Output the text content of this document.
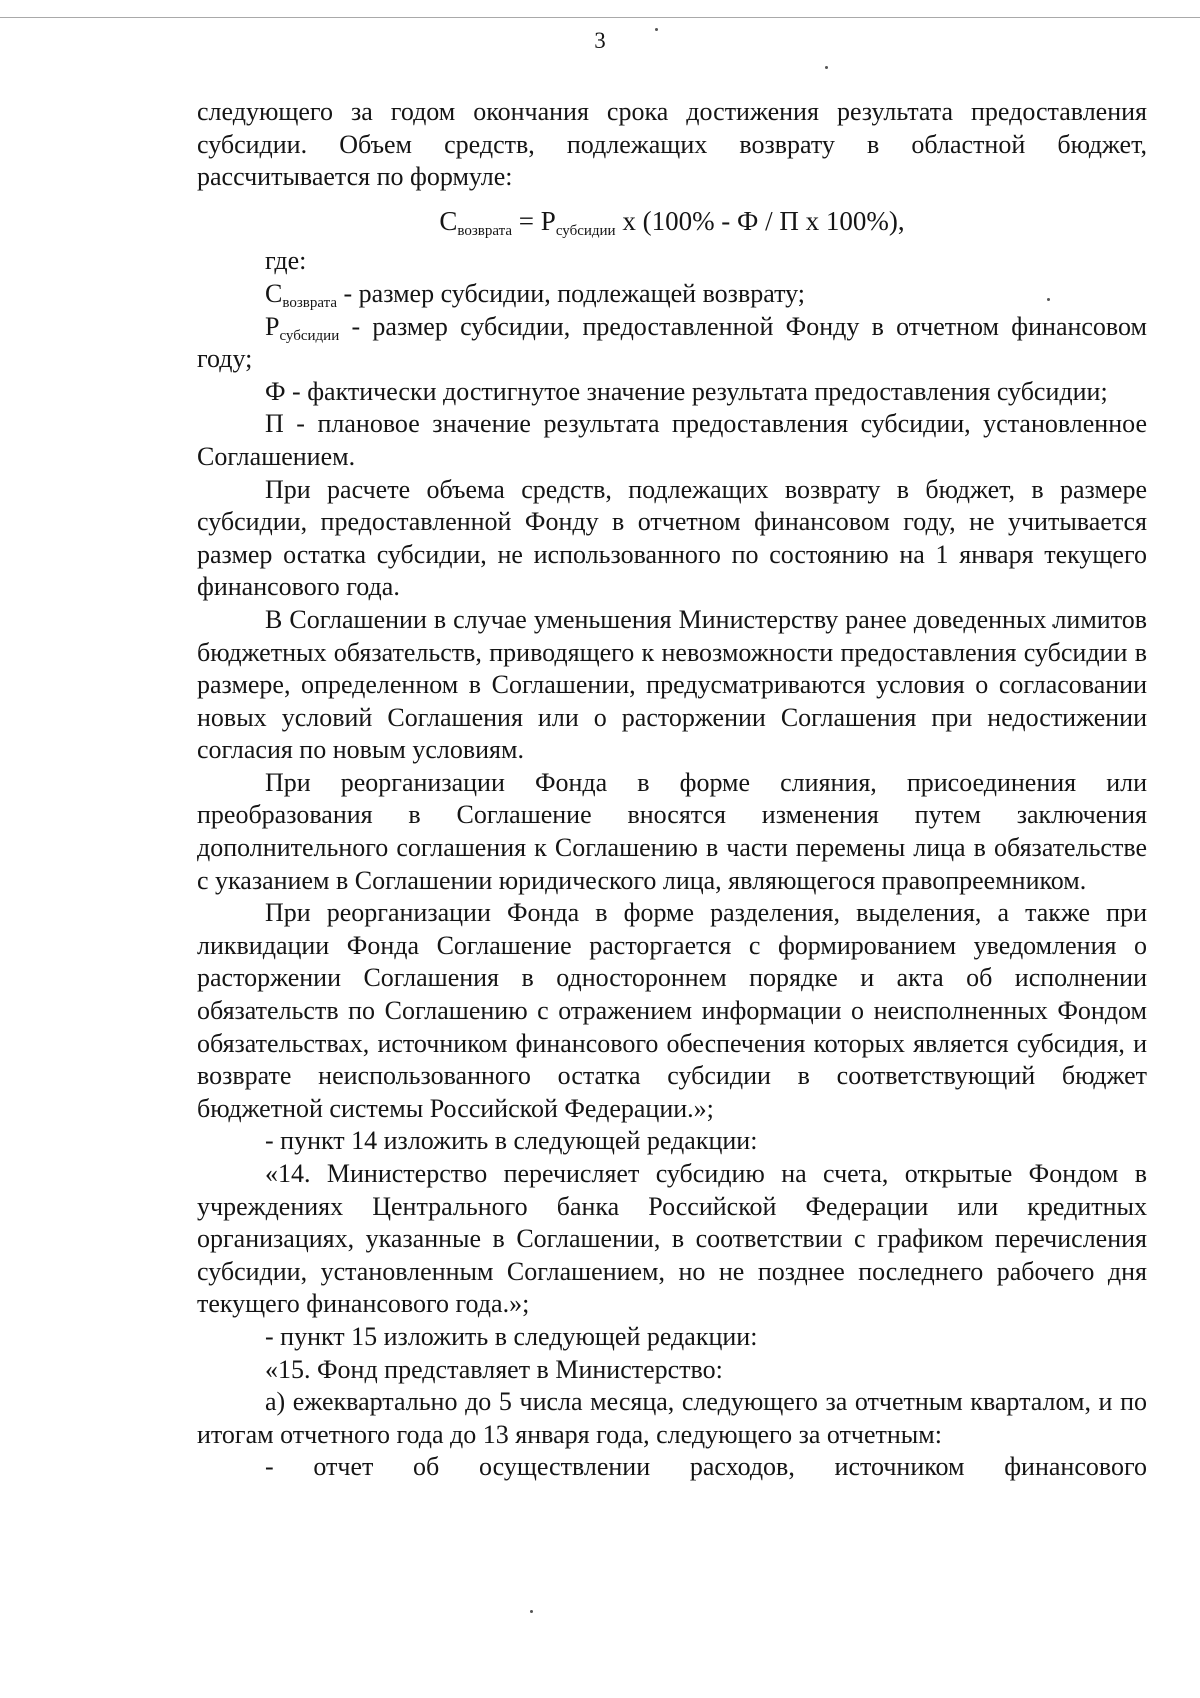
3

следующего за годом окончания срока достижения результата предоставления субсидии. Объем средств, подлежащих возврату в областной бюджет, рассчитывается по формуле:

$С_{возврата} = Р_{субсидии}$ х (100% - Ф / П х 100%),

где:

$С_{возврата}$ - размер субсидии, подлежащей возврату;

$Р_{субсидии}$ - размер субсидии, предоставленной Фонду в отчетном финансовом году;

Ф - фактически достигнутое значение результата предоставления субсидии;

П - плановое значение результата предоставления субсидии, установленное Соглашением.

При расчете объема средств, подлежащих возврату в бюджет, в размере субсидии, предоставленной Фонду в отчетном финансовом году, не учитывается размер остатка субсидии, не использованного по состоянию на 1 января текущего финансового года.

В Соглашении в случае уменьшения Министерству ранее доведенных лимитов бюджетных обязательств, приводящего к невозможности предоставления субсидии в размере, определенном в Соглашении, предусматриваются условия о согласовании новых условий Соглашения или о расторжении Соглашения при недостижении согласия по новым условиям.

При реорганизации Фонда в форме слияния, присоединения или преобразования в Соглашение вносятся изменения путем заключения дополнительного соглашения к Соглашению в части перемены лица в обязательстве с указанием в Соглашении юридического лица, являющегося правопреемником.

При реорганизации Фонда в форме разделения, выделения, а также при ликвидации Фонда Соглашение расторгается с формированием уведомления о расторжении Соглашения в одностороннем порядке и акта об исполнении обязательств по Соглашению с отражением информации о неисполненных Фондом обязательствах, источником финансового обеспечения которых является субсидия, и возврате неиспользованного остатка субсидии в соответствующий бюджет бюджетной системы Российской Федерации.»;

- пункт 14 изложить в следующей редакции:

«14. Министерство перечисляет субсидию на счета, открытые Фондом в учреждениях Центрального банка Российской Федерации или кредитных организациях, указанные в Соглашении, в соответствии с графиком перечисления субсидии, установленным Соглашением, но не позднее последнего рабочего дня текущего финансового года.»;

- пункт 15 изложить в следующей редакции:

«15. Фонд представляет в Министерство:

а) ежеквартально до 5 числа месяца, следующего за отчетным кварталом, и по итогам отчетного года до 13 января года, следующего за отчетным:

- отчет об осуществлении расходов, источником финансового
